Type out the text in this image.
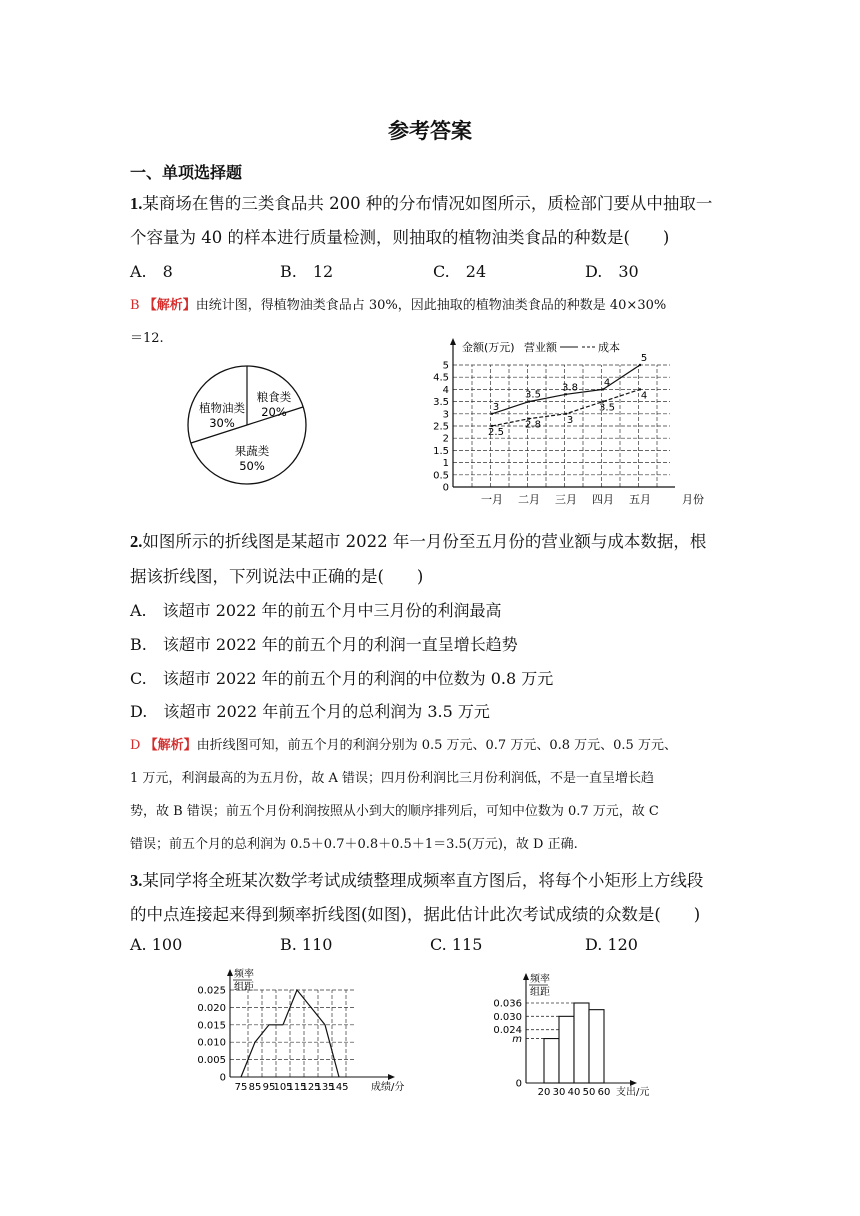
参考答案
一、单项选择题
1.某商场在售的三类食品共 200 种的分布情况如图所示，质检部门要从中抽取一
个容量为 40 的样本进行质量检测，则抽取的植物油类食品的种数是(　　)
A.　8	B.　12	C.　24	D.　30
B 【解析】由统计图，得植物油类食品占 30%，因此抽取的植物油类食品的种数是 40×30%
＝12.
植物油类
30%
粮食类
20%
果蔬类
50%
金额(万元) 营业额	成本
月份
0
0.5
1
1.5
2
2.5
3
3.5
4
4.5
5
一月 二月 三月 四月 五月
3
3.5
3.8	4
5
2.5
2.8	3
3.5
4
2.如图所示的折线图是某超市 2022 年一月份至五月份的营业额与成本数据，根
据该折线图，下列说法中正确的是(　　)
A.　该超市 2022 年的前五个月中三月份的利润最高
B.　该超市 2022 年的前五个月的利润一直呈增长趋势
C.　该超市 2022 年的前五个月的利润的中位数为 0.8 万元
D.　该超市 2022 年前五个月的总利润为 3.5 万元
D 【解析】由折线图可知，前五个月的利润分别为 0.5 万元、0.7 万元、0.8 万元、0.5 万元、
1 万元，利润最高的为五月份，故 A 错误；四月份利润比三月份利润低，不是一直呈增长趋
势，故 B 错误；前五个月份利润按照从小到大的顺序排列后，可知中位数为 0.7 万元，故 C
错误；前五个月的总利润为 0.5＋0.7＋0.8＋0.5＋1＝3.5(万元)，故 D 正确.
3.某同学将全班某次数学考试成绩整理成频率直方图后，将每个小矩形上方线段
的中点连接起来得到频率折线图(如图)，据此估计此次考试成绩的众数是(　　)
A. 100	B. 110	C. 115	D. 120
频率
组距
成绩/分
0
0.005
0.010
0.015
0.020
0.025
75 85 95
105
115
125
135
145
频率
组距
支出/元
0
m
0.024
0.030
0.036
20 30 40 50 60
